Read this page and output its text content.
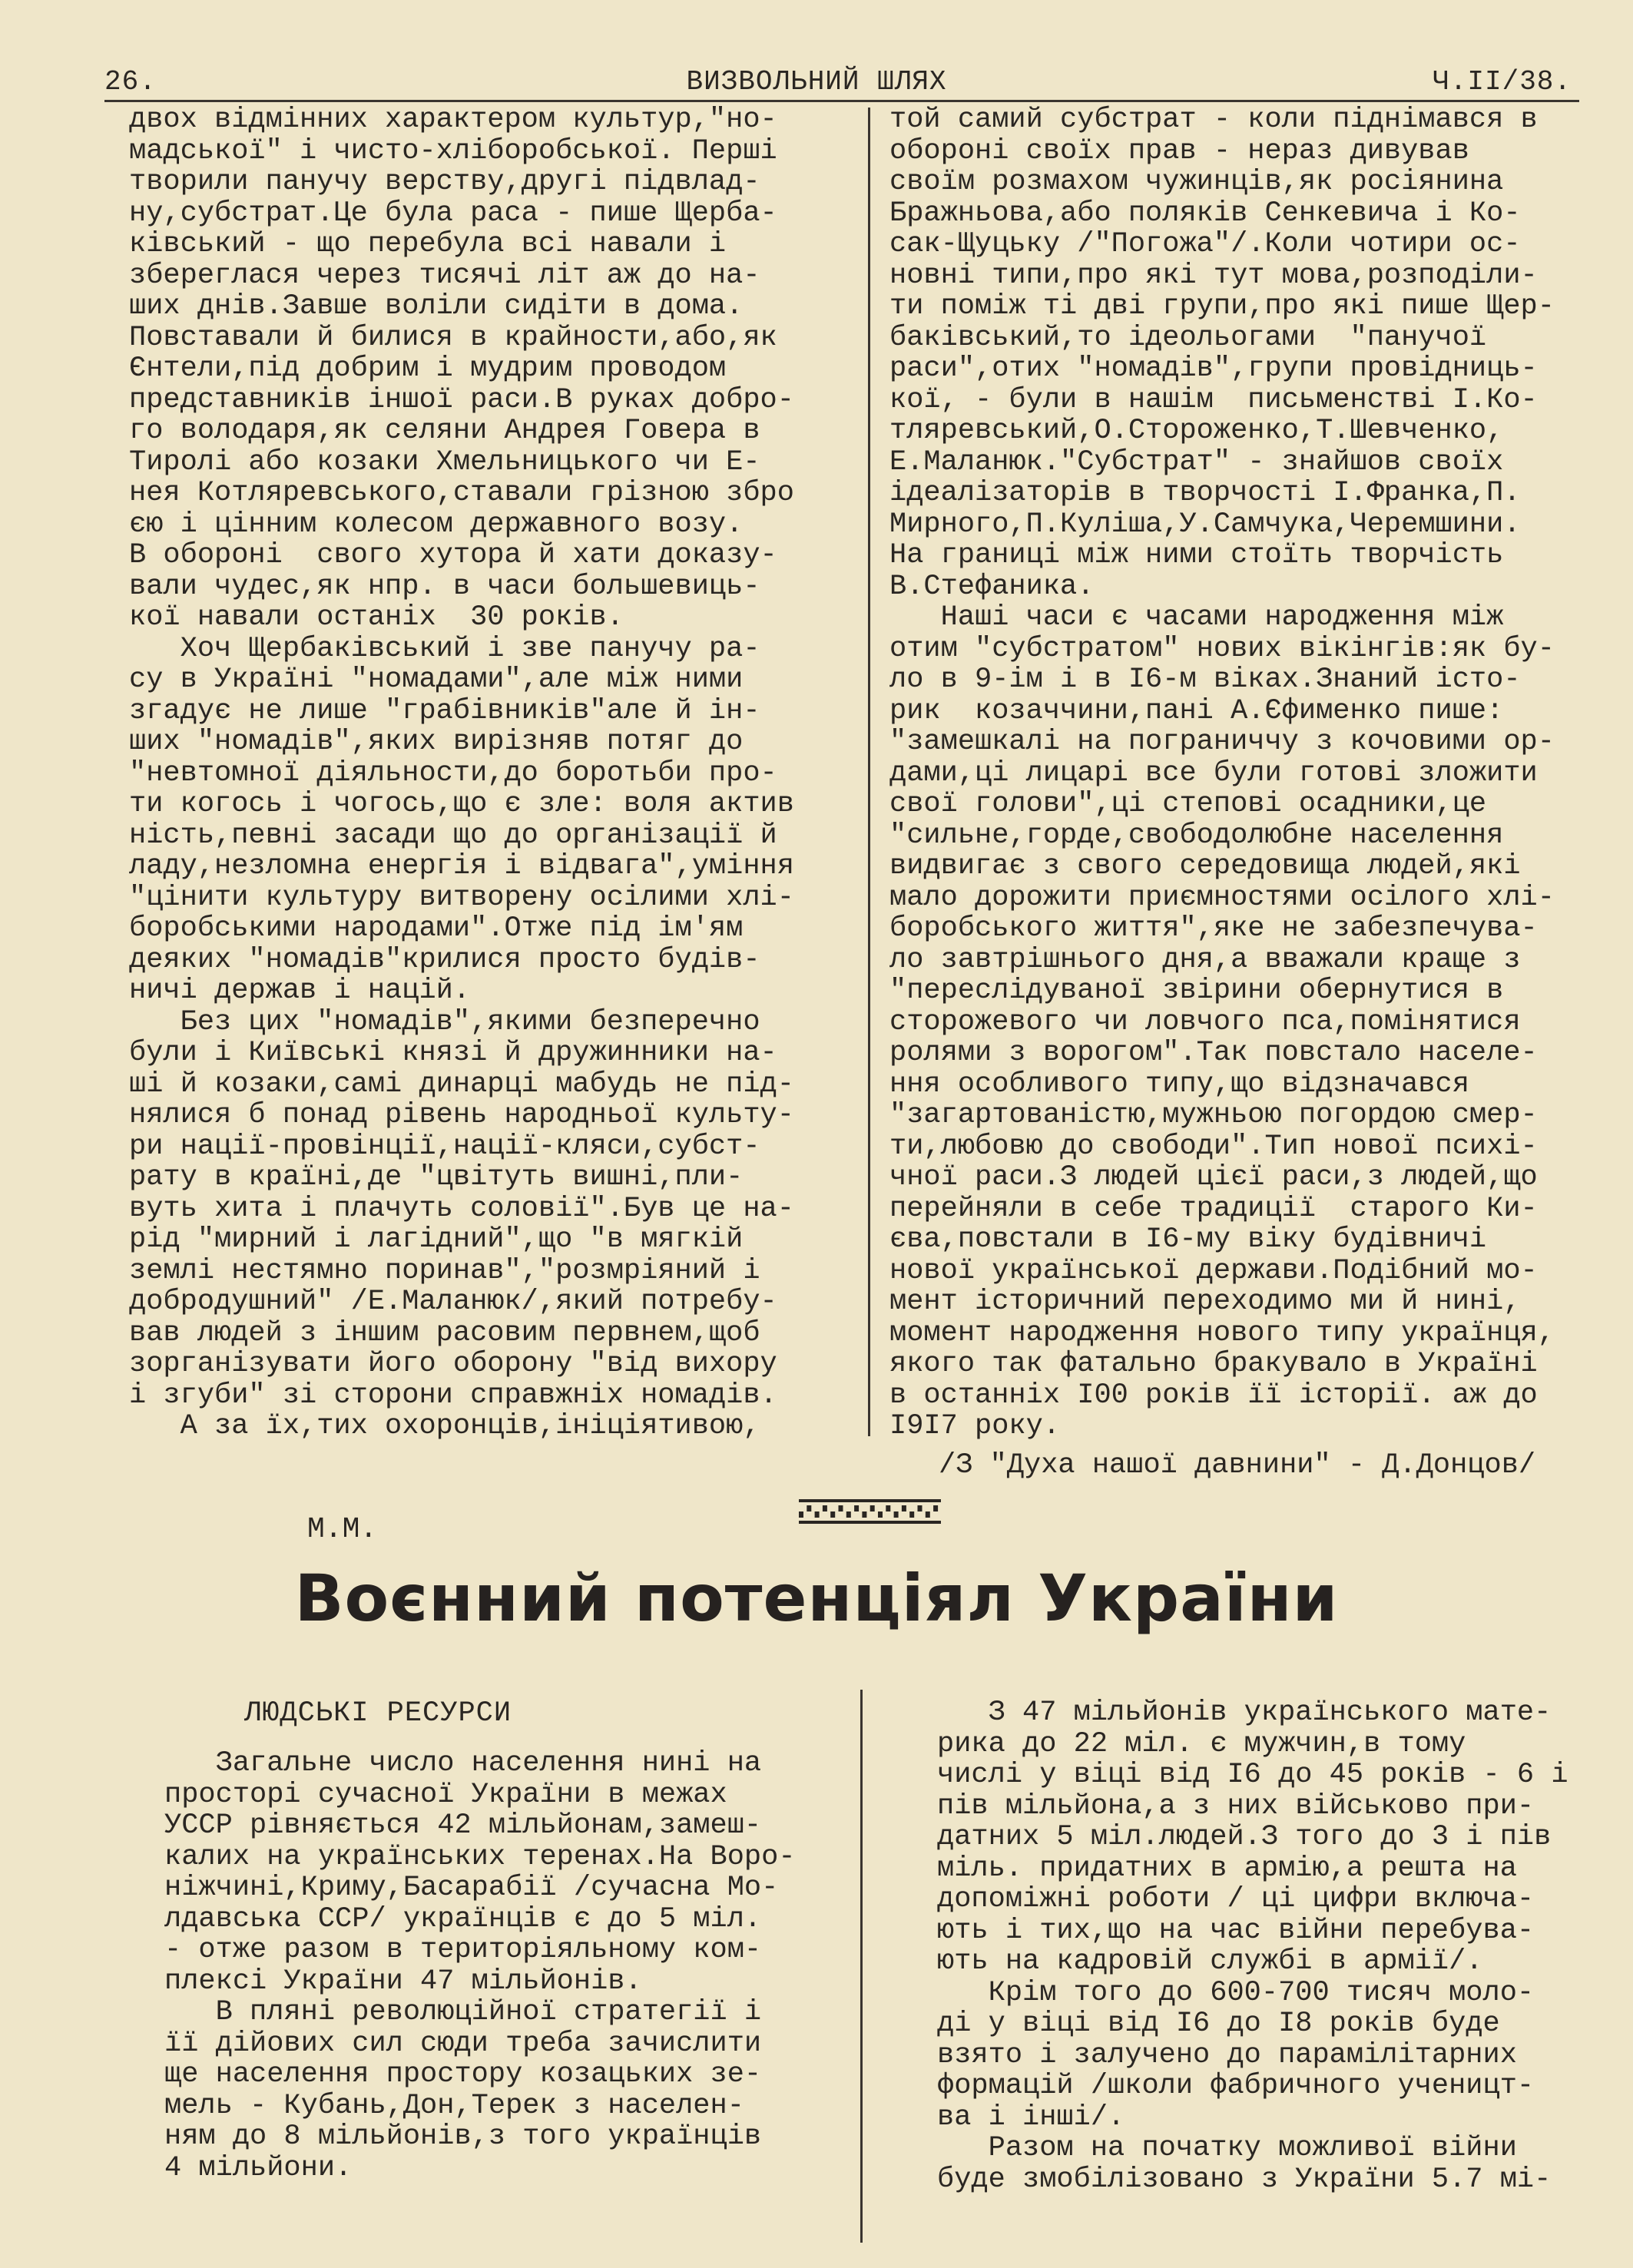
26.	ВИЗВОЛЬНИЙ ШЛЯХ	Ч.II/38.
двох відмінних характером культур,"но-
мадської" і чисто-хліборобської. Перші
творили панучу верству,другі підвлад-
ну,субстрат.Це була раса - пише Щерба-
ківський - що перебула всі навали і
збереглася через тисячі літ аж до на-
ших днів.Завше воліли сидіти в дома.
Повставали й билися в крайности,або,як
Єнтели,під добрим і мудрим проводом
представників іншої раси.В руках добро-
го володаря,як селяни Андрея Говера в
Тиролі або козаки Хмельницького чи Е-
нея Котляревського,ставали грізною збро
єю і цінним колесом державного возу.
В обороні  свого хутора й хати доказу-
вали чудес,як нпр. в часи большевиць-
кої навали останіх  30 років.
Хоч Щербаківський і зве панучу ра-
су в Україні "номадами",але між ними
згадує не лише "грабівників"але й ін-
ших "номадів",яких вирізняв потяг до
"невтомної діяльности,до боротьби про-
ти когось і чогось,що є зле: воля актив
ність,певні засади що до організації й
ладу,незломна енергія і відвага",уміння
"цінити культуру витворену осілими хлі-
боробськими народами".Отже під ім'ям
деяких "номадів"крилися просто будів-
ничі держав і націй.
Без цих "номадів",якими безперечно
були і Київські князі й дружинники на-
ші й козаки,самі динарці мабудь не під-
нялися б понад рівень народньої культу-
ри нації-провінції,нації-кляси,субст-
рату в країні,де "цвітуть вишні,пли-
вуть хита і плачуть соловії".Був це на-
рід "мирний і лагідний",що "в мягкій
землі нестямно поринав","розмріяний і
добродушний" /Е.Маланюк/,який потребу-
вав людей з іншим расовим первнем,щоб
зорганізувати його оборону "від вихору
і згуби" зі сторони справжніх номадів.
А за їх,тих охоронців,ініціятивою,
той самий субстрат - коли піднімався в
обороні своїх прав - нераз дивував
своїм розмахом чужинців,як росіянина
Бражньова,або поляків Сенкевича і Ко-
сак-Щуцьку /"Погожа"/.Коли чотири ос-
новні типи,про які тут мова,розподіли-
ти поміж ті дві групи,про які пише Щер-
баківський,то ідеольогами  "панучої
раси",отих "номадів",групи провідниць-
кої, - були в нашім  письменстві І.Ко-
тляревський,О.Стороженко,Т.Шевченко,
Е.Маланюк."Субстрат" - знайшов своїх
ідеалізаторів в творчості І.Франка,П.
Мирного,П.Куліша,У.Самчука,Черемшини.
На границі між ними стоїть творчість
В.Стефаника.
Наші часи є часами народження між
отим "субстратом" нових вікінгів:як бу-
ло в 9-ім і в I6-м віках.Знаний істо-
рик  козаччини,пані А.Єфименко пише:
"замешкалі на пограниччу з кочовими ор-
дами,ці лицарі все були готові зложити
свої голови",ці степові осадники,це
"сильне,горде,свободолюбне населення
видвигає з свого середовища людей,які
мало дорожити приємностями осілого хлі-
боробського життя",яке не забезпечува-
ло завтрішнього дня,а вважали краще з
"переслідуваної звірини обернутися в
сторожевого чи ловчого пса,помінятися
ролями з ворогом".Так повстало населе-
ння особливого типу,що відзначався
"загартованістю,мужньою погордою смер-
ти,любовю до свободи".Тип нової психі-
чної раси.З людей цієї раси,з людей,що
перейняли в себе традиції  старого Ки-
єва,повстали в I6-му віку будівничі
нової української держави.Подібний мо-
мент історичний переходимо ми й нині,
момент народження нового типу українця,
якого так фатально бракувало в Україні
в останніх I00 років її історії. аж до
I9I7 року.
/З "Духа нашої давнини" - Д.Донцов/
М.М.
Воєнний потенціял України
ЛЮДСЬКІ РЕСУРСИ
Загальне число населення нині на
просторі сучасної України в межах
УССР рівняється 42 мільйонам,замеш-
калих на українських теренах.На Воро-
ніжчині,Криму,Басарабії /сучасна Мо-
лдавська ССР/ українців є до 5 міл.
- отже разом в територіяльному ком-
плексі України 47 мільйонів.
В пляні революційної стратегії і
її дійових сил сюди треба зачислити
ще населення простору козацьких зе-
мель - Кубань,Дон,Терек з населен-
ням до 8 мільйонів,з того українців
4 мільйони.
З 47 мільйонів українського мате-
рика до 22 міл. є мужчин,в тому
числі у віці від I6 до 45 років - 6 і
пів мільйона,а з них військово при-
датних 5 міл.людей.З того до 3 і пів
міль. придатних в армію,а решта на
допоміжні роботи / ці цифри включа-
ють і тих,що на час війни перебува-
ють на кадровій службі в армії/.
Крім того до 600-700 тисяч моло-
ді у віці від I6 до I8 років буде
взято і залучено до парамілітарних
формацій /школи фабричного ученицт-
ва і інші/.
Разом на початку можливої війни
буде змобілізовано з України 5.7 мі-
